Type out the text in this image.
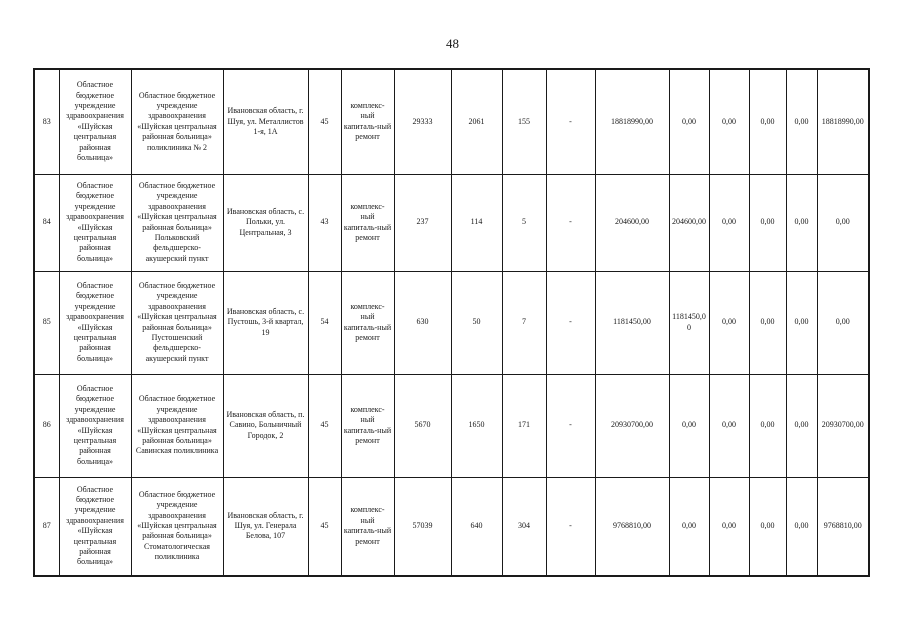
48
83	Областное бюджетное учреждение здравоохранения «Шуйская центральная районная больница»	Областное бюджетное учреждение здравоохранения «Шуйская центральная районная больница» поликлиника № 2	Ивановская область, г. Шуя, ул. Металлистов 1-я, 1А	45	комплекс-ный капиталь-ный ремонт	29333	2061	155	-	18818990,00	0,00	0,00	0,00	0,00	18818990,00
84	Областное бюджетное учреждение здравоохранения «Шуйская центральная районная больница»	Областное бюджетное учреждение здравоохранения «Шуйская центральная районная больница» Польковский фельдшерско-акушерский пункт	Ивановская область, с. Польки, ул. Центральная, 3	43	комплекс-ный капиталь-ный ремонт	237	114	5	-	204600,00	204600,00	0,00	0,00	0,00	0,00
85	Областное бюджетное учреждение здравоохранения «Шуйская центральная районная больница»	Областное бюджетное учреждение здравоохранения «Шуйская центральная районная больница» Пустошенский фельдшерско-акушерский пункт	Ивановская область, с. Пустошь, 3-й квартал, 19	54	комплекс-ный капиталь-ный ремонт	630	50	7	-	1181450,00	1181450,00	0,00	0,00	0,00	0,00
86	Областное бюджетное учреждение здравоохранения «Шуйская центральная районная больница»	Областное бюджетное учреждение здравоохранения «Шуйская центральная районная больница» Савинская поликлиника	Ивановская область, п. Савино, Больничный Городок, 2	45	комплекс-ный капиталь-ный ремонт	5670	1650	171	-	20930700,00	0,00	0,00	0,00	0,00	20930700,00
87	Областное бюджетное учреждение здравоохранения «Шуйская центральная районная больница»	Областное бюджетное учреждение здравоохранения «Шуйская центральная районная больница» Стоматологическая поликлиника	Ивановская область, г. Шуя, ул. Генерала Белова, 107	45	комплекс-ный капиталь-ный ремонт	57039	640	304	-	9768810,00	0,00	0,00	0,00	0,00	9768810,00
